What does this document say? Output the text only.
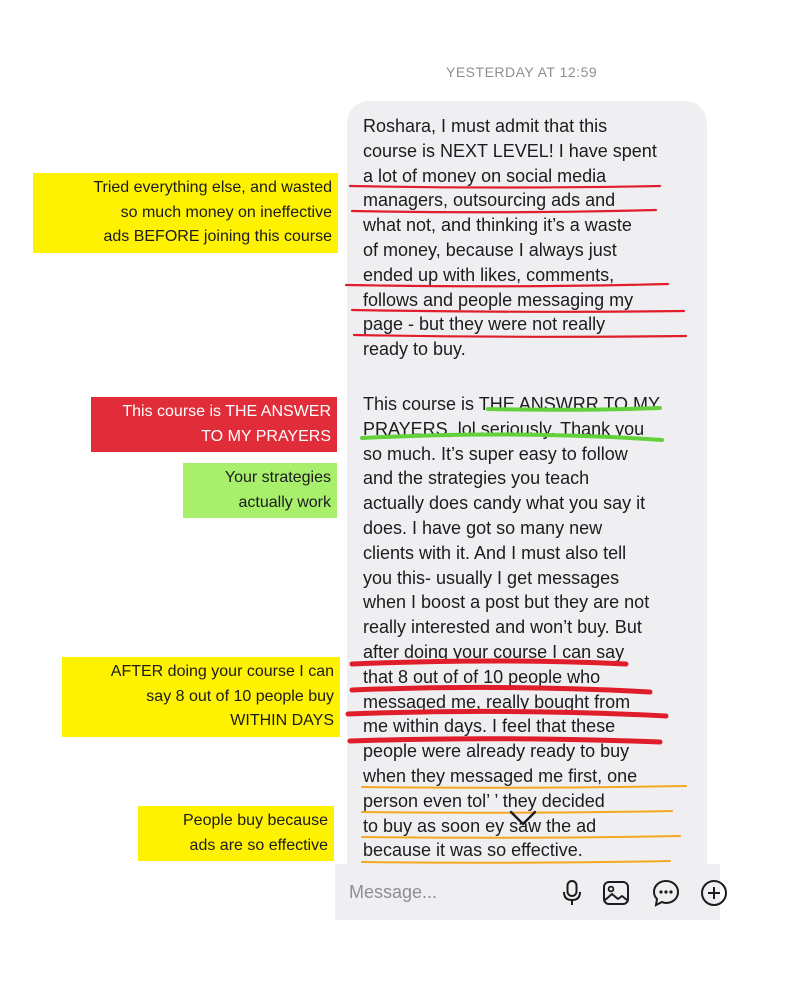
YESTERDAY AT 12:59

Roshara, I must admit that this
course is NEXT LEVEL! I have spent
a lot of money on social media
managers, outsourcing ads and
what not, and thinking it’s a waste
of money, because I always just
ended up with likes, comments,
follows and people messaging my
page - but they were not really
ready to buy.

This course is THE ANSWRR TO MY
PRAYERS, lol seriously. Thank you
so much. It’s super easy to follow
and the strategies you teach
actually does candy what you say it
does. I have got so many new
clients with it. And I must also tell
you this- usually I get messages
when I boost a post but they are not
really interested and won’t buy. But
after doing your course I can say
that 8 out of of 10 people who
messaged me, really bought from
me within days. I feel that these
people were already ready to buy
when they messaged me first, one
person even tol’ ’ they decided
to buy as soon ey saw the ad
because it was so effective.

Tried everything else, and wasted
so much money on ineffective
ads BEFORE joining this course
This course is THE ANSWER
TO MY PRAYERS
Your strategies
actually work
AFTER doing your course I can
say 8 out of 10 people buy
WITHIN DAYS
People buy because
ads are so effective
Message...
